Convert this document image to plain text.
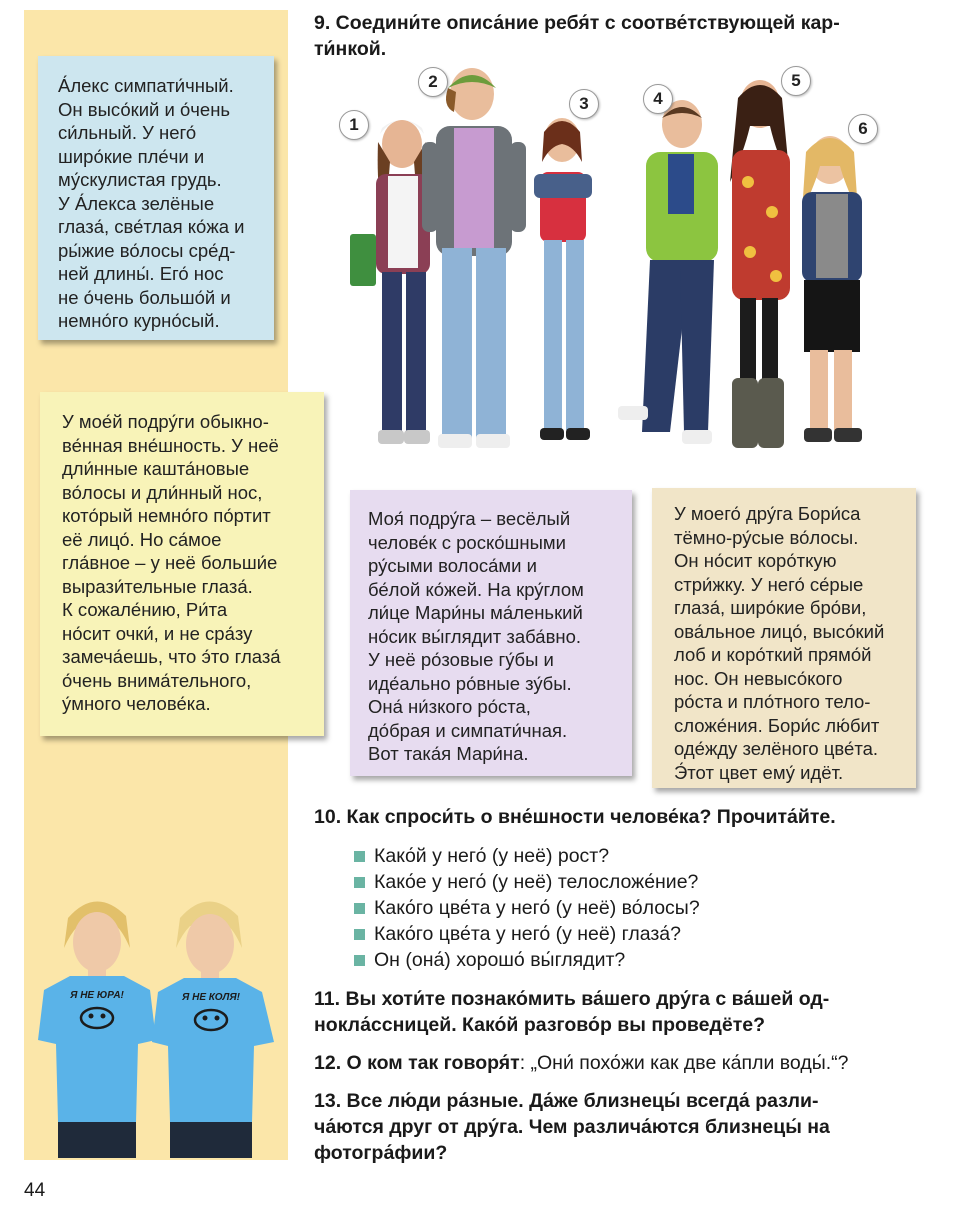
9. Соедини́те описа́ние ребя́т с соотве́тствующей кар-
ти́нкой.
1
2
3	4
5
6
А́лекс симпати́чный.
Он высо́кий и о́чень
си́льный. У него́
широ́кие пле́чи и
му́скулистая грудь.
У А́лекса зелёные
глаза́, све́тлая ко́жа и
ры́жие во́лосы сре́д-
ней длины́. Его́ нос
не о́чень большо́й и
немно́го курно́сый.
У мое́й подру́ги обыкно-
ве́нная вне́шность. У неё
дли́нные кашта́новые
во́лосы и дли́нный нос,
кото́рый немно́го по́ртит
её лицо́. Но са́мое
гла́вное – у неё больши́е
вырази́тельные глаза́.
К сожале́нию, Ри́та
но́сит очки́, и не сра́зу
замеча́ешь, что э́то глаза́
о́чень внима́тельного,
у́много челове́ка.
Моя́ подру́га – весёлый
челове́к с роско́шными
ру́сыми волоса́ми и
бе́лой ко́жей. На кру́глом
ли́це Мари́ны ма́ленький
но́сик вы́глядит заба́вно.
У неё ро́зовые гу́бы и
иде́ально ро́вные зу́бы.
Она́ ни́зкого ро́ста,
до́брая и симпати́чная.
Вот така́я Мари́на.
У моего́ дру́га Бори́са
тёмно-ру́сые во́лосы.
Он но́сит коро́ткую
стри́жку. У него́ се́рые
глаза́, широ́кие бро́ви,
ова́льное лицо́, высо́кий
лоб и коро́ткий прямо́й
нос. Он невысо́кого
ро́ста и пло́тного тело-
сложе́ния. Бори́с лю́бит
оде́жду зелёного цве́та.
Э́тот цвет ему́ идёт.
10. Как спроси́ть о вне́шности челове́ка? Прочита́йте.
Како́й у него́ (у неё) рост?
Како́е у него́ (у неё) телосложе́ние?
Како́го цве́та у него́ (у неё) во́лосы?
Како́го цве́та у него́ (у неё) глаза́?
Он (она́) хорошо́ вы́глядит?
11. Вы хоти́те познако́мить ва́шего дру́га с ва́шей од-
нокла́ссницей. Како́й разгово́р вы проведёте?
12. О ком так говоря́т: „Они́ похо́жи как две ка́пли воды́.“?
13. Все лю́ди ра́зные. Да́же близнецы́ всегда́ разли-
ча́ются друг от дру́га. Чем различа́ются близнецы́ на
фотогра́фии?
Я НЕ ЮРА!	Я НЕ КОЛЯ!
44
